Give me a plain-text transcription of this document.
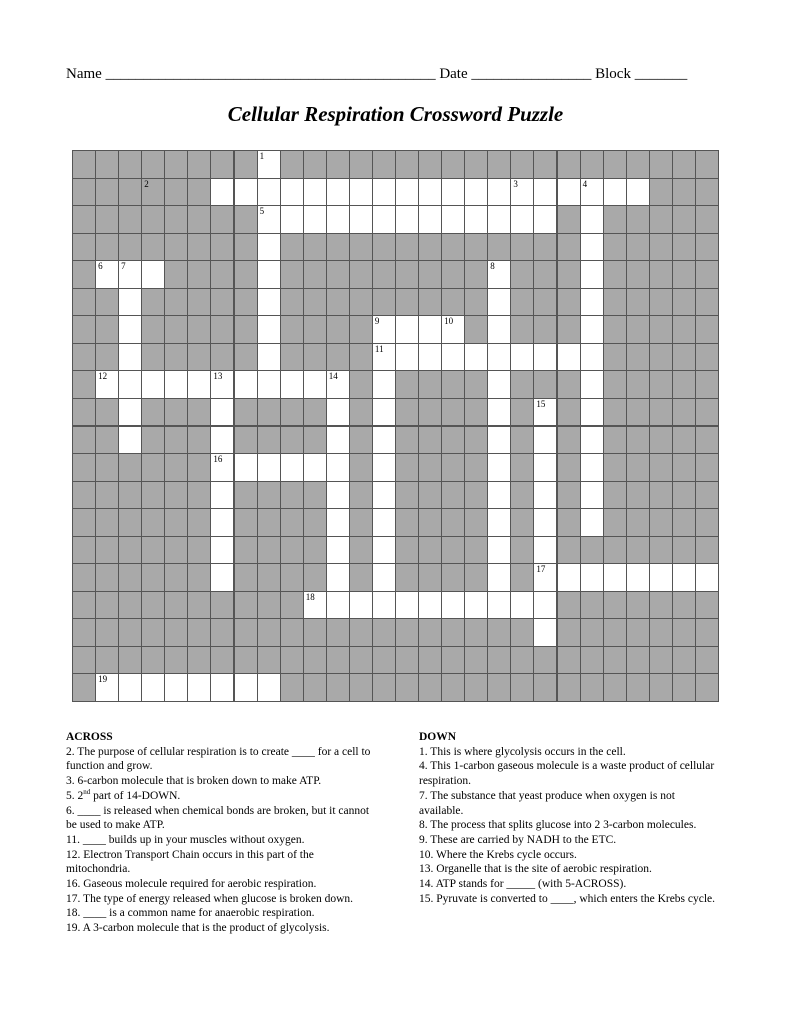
Name ____________________________________________ Date ________________ Block _______
Cellular Respiration Crossword Puzzle
1
2	3	4
5
6 7	8
9	10
11
12	13	14
15
16
17
18
19
ACROSS
2. The purpose of cellular respiration is to create ____ for a cell to function and grow.
3. 6-carbon molecule that is broken down to make ATP.
5. 2nd part of 14-DOWN.
6. ____ is released when chemical bonds are broken, but it cannot be used to make ATP.
11. ____ builds up in your muscles without oxygen.
12. Electron Transport Chain occurs in this part of the mitochondria.
16. Gaseous molecule required for aerobic respiration.
17. The type of energy released when glucose is broken down.
18. ____ is a common name for anaerobic respiration.
19. A 3-carbon molecule that is the product of glycolysis.
DOWN
1. This is where glycolysis occurs in the cell.
4. This 1-carbon gaseous molecule is a waste product of cellular respiration.
7. The substance that yeast produce when oxygen is not available.
8. The process that splits glucose into 2 3-carbon molecules.
9. These are carried by NADH to the ETC.
10. Where the Krebs cycle occurs.
13. Organelle that is the site of aerobic respiration.
14. ATP stands for _____ (with 5-ACROSS).
15. Pyruvate is converted to ____, which enters the Krebs cycle.
